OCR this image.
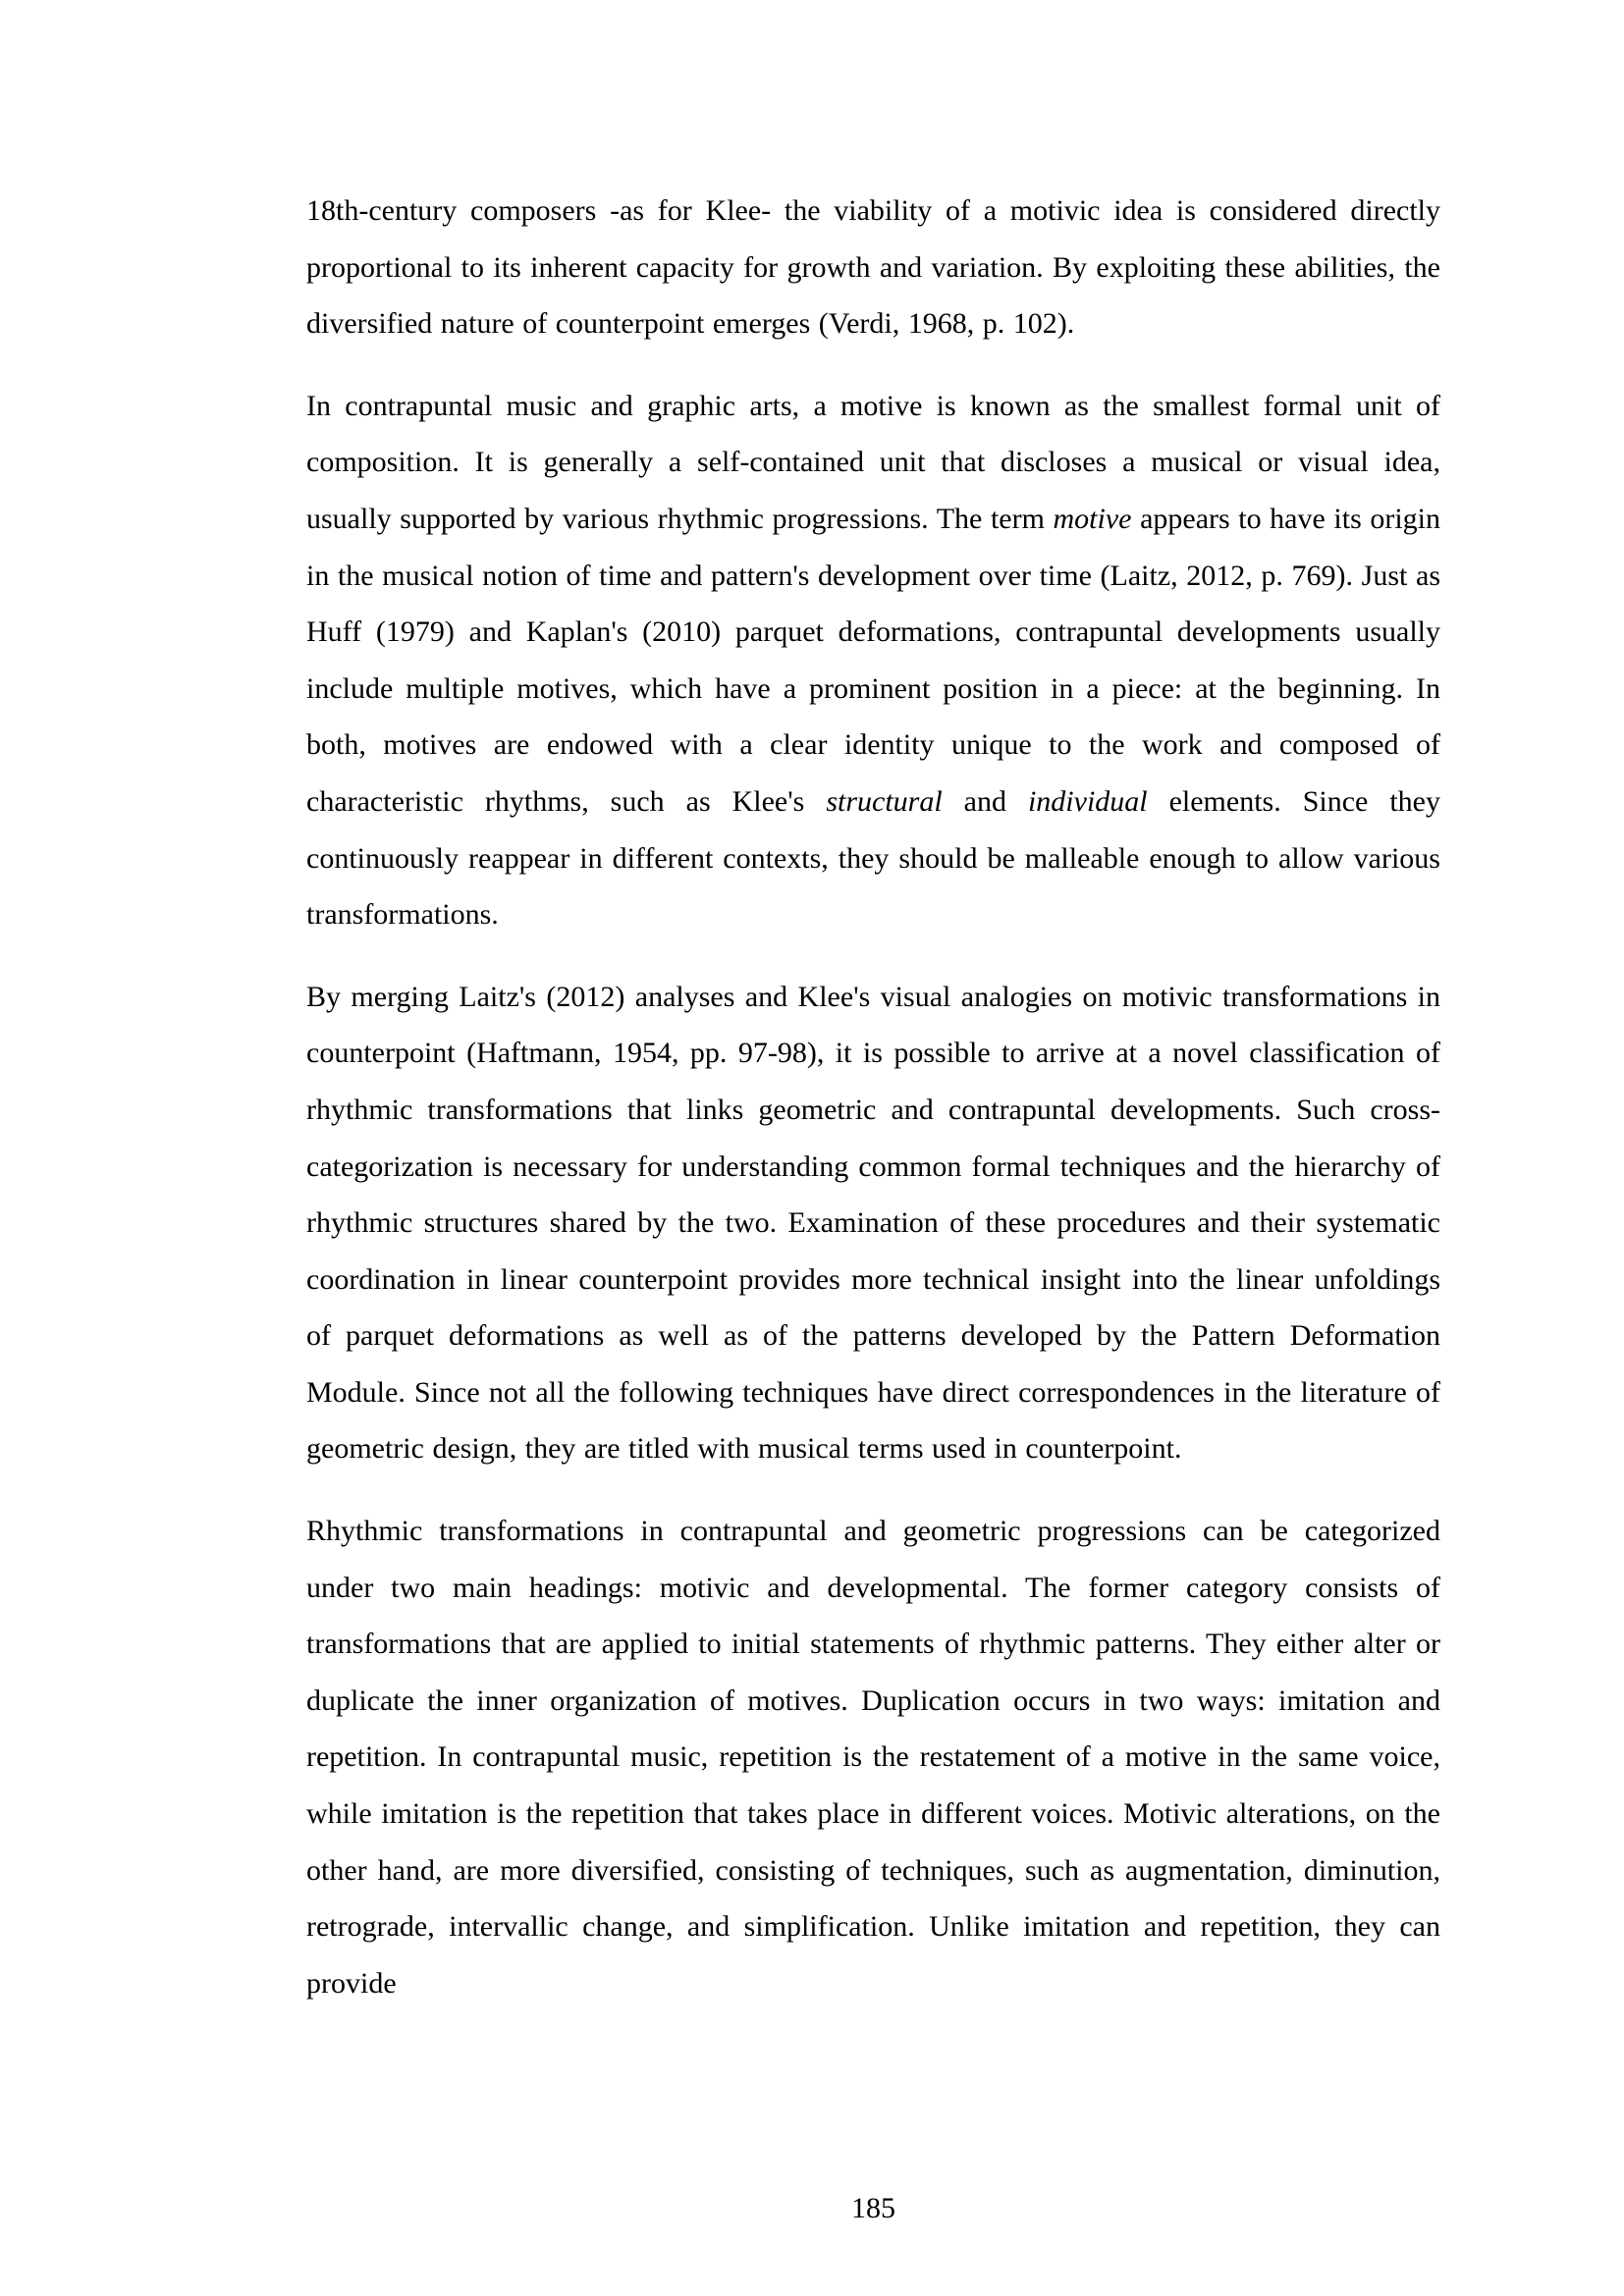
18th-century composers -as for Klee- the viability of a motivic idea is considered directly proportional to its inherent capacity for growth and variation. By exploiting these abilities, the diversified nature of counterpoint emerges (Verdi, 1968, p. 102).

In contrapuntal music and graphic arts, a motive is known as the smallest formal unit of composition. It is generally a self-contained unit that discloses a musical or visual idea, usually supported by various rhythmic progressions. The term motive appears to have its origin in the musical notion of time and pattern's development over time (Laitz, 2012, p. 769). Just as Huff (1979) and Kaplan's (2010) parquet deformations, contrapuntal developments usually include multiple motives, which have a prominent position in a piece: at the beginning. In both, motives are endowed with a clear identity unique to the work and composed of characteristic rhythms, such as Klee's structural and individual elements. Since they continuously reappear in different contexts, they should be malleable enough to allow various transformations.

By merging Laitz's (2012) analyses and Klee's visual analogies on motivic transformations in counterpoint (Haftmann, 1954, pp. 97-98), it is possible to arrive at a novel classification of rhythmic transformations that links geometric and contrapuntal developments. Such cross-categorization is necessary for understanding common formal techniques and the hierarchy of rhythmic structures shared by the two. Examination of these procedures and their systematic coordination in linear counterpoint provides more technical insight into the linear unfoldings of parquet deformations as well as of the patterns developed by the Pattern Deformation Module. Since not all the following techniques have direct correspondences in the literature of geometric design, they are titled with musical terms used in counterpoint.

Rhythmic transformations in contrapuntal and geometric progressions can be categorized under two main headings: motivic and developmental. The former category consists of transformations that are applied to initial statements of rhythmic patterns. They either alter or duplicate the inner organization of motives. Duplication occurs in two ways: imitation and repetition. In contrapuntal music, repetition is the restatement of a motive in the same voice, while imitation is the repetition that takes place in different voices. Motivic alterations, on the other hand, are more diversified, consisting of techniques, such as augmentation, diminution, retrograde, intervallic change, and simplification. Unlike imitation and repetition, they can provide

185
